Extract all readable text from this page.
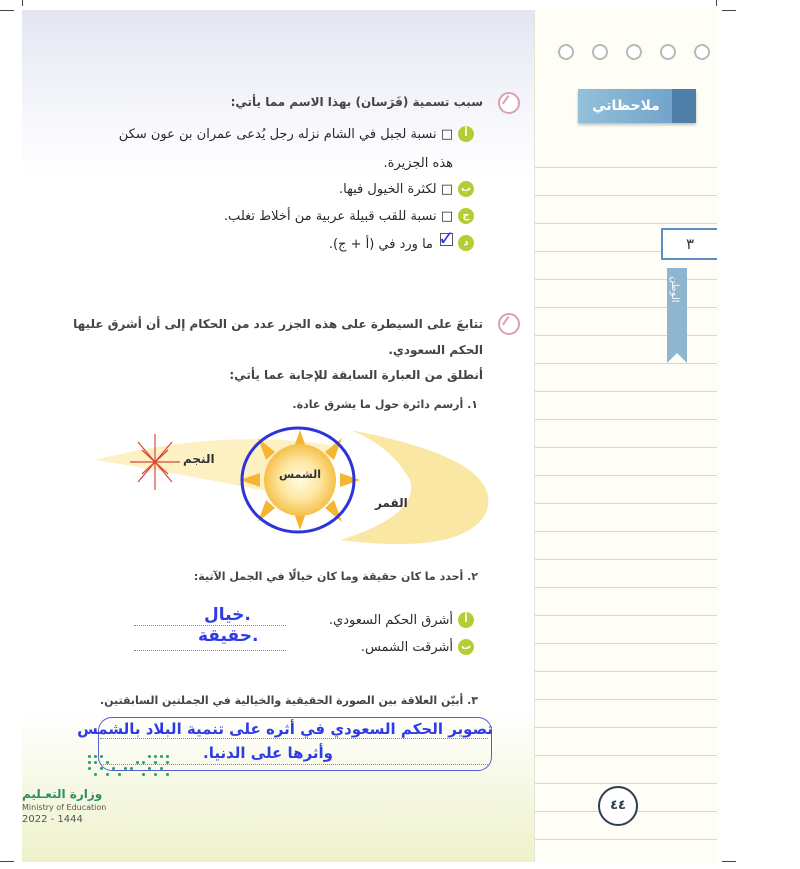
ملاحظاتي
٣
الوطن
٤٤
سبب تسمية (فَرَسان) بهذا الاسم مما يأتي:
أ
□ نسبة لجبل في الشام نزله رجل يُدعى عمران بن عون سكن
هذه الجزيرة.
ب
□ لكثرة الخيول فيها.
ج
□ نسبة للقب قبيلة عربية من أخلاط تغلب.
د
✓
ما ورد في (أ + ج).
تتابعَ على السيطرة على هذه الجزر عدد من الحكام إلى أن أشرق عليها
الحكم السعودي.
أنطلق من العبارة السابقة للإجابة عما يأتي:
١. أرسم دائرة حول ما يشرق عادة.
النجم
الشمس
القمر
٢. أحدد ما كان حقيقة وما كان خيالًا في الجمل الآتية:
أ
أشرق الحكم السعودي.
خيال.
ب
أشرقت الشمس.
حقيقة.
٣. أبيّن العلاقة بين الصورة الحقيقية والخيالية في الجملتين السابقتين.
تصوير الحكم السعودي في أثره على تنمية البلاد بالشمس
وأثرها على الدنيا.
وزارة التعـليم
Ministry of Education
2022 - 1444
